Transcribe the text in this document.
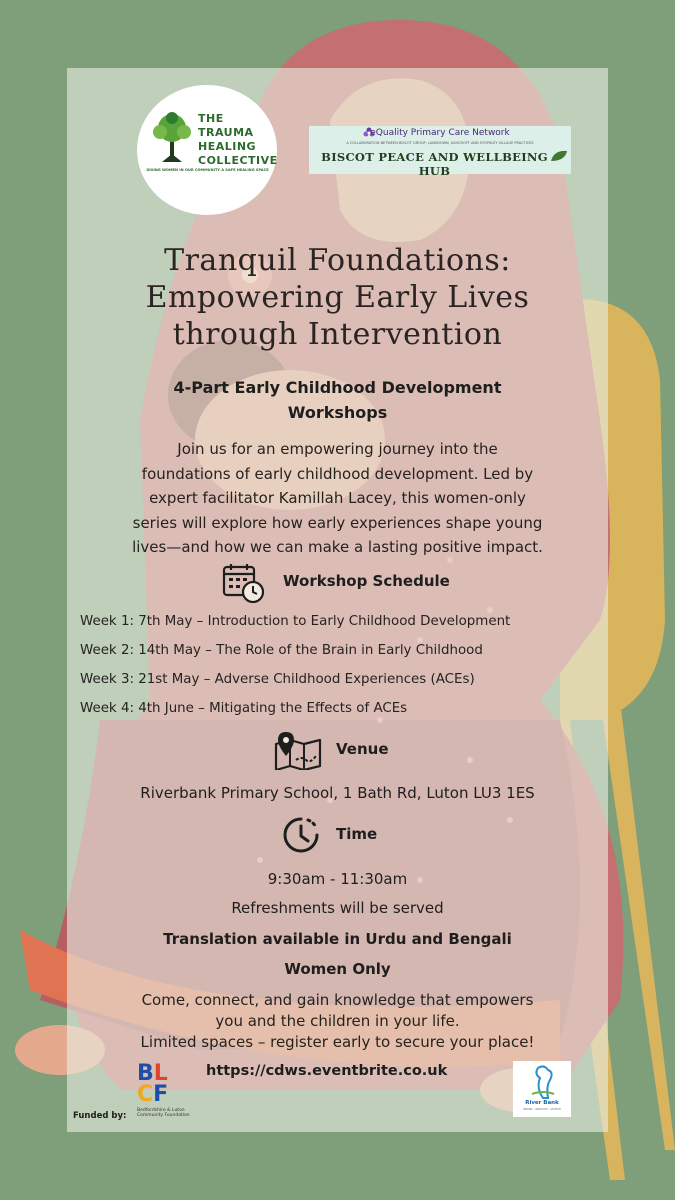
THE
TRAUMA
HEALING
COLLECTIVE
GIVING WOMEN IN OUR COMMUNITY A SAFE HEALING SPACE
eQuality Primary Care Network
A COLLABORATION BETWEEN BISCOT GROUP, LANSDOWN, ASHCROFT AND STOPSLEY VILLAGE PRACTICES
BISCOT PEACE AND WELLBEING HUB
Tranquil Foundations:
Empowering Early Lives
through Intervention
4-Part Early Childhood Development
Workshops
Join us for an empowering journey into the
foundations of early childhood development. Led by
expert facilitator Kamillah Lacey, this women-only
series will explore how early experiences shape young
lives—and how we can make a lasting positive impact.
Workshop Schedule
Week 1: 7th May – Introduction to Early Childhood Development
Week 2: 14th May – The Role of the Brain in Early Childhood
Week 3: 21st May – Adverse Childhood Experiences (ACEs)
Week 4: 4th June – Mitigating the Effects of ACEs
Venue
Riverbank Primary School, 1 Bath Rd, Luton LU3 1ES
Time
9:30am - 11:30am
Refreshments will be served
Translation available in Urdu and Bengali
Women Only
Come, connect, and gain knowledge that empowers
you and the children in your life.
Limited spaces – register early to secure your place!
https://cdws.eventbrite.co.uk
Funded by:
BL
CF
Bedfordshire & Luton Community Foundation
River Bank
INSPIRE · INNOVATE · ACHIEVE
